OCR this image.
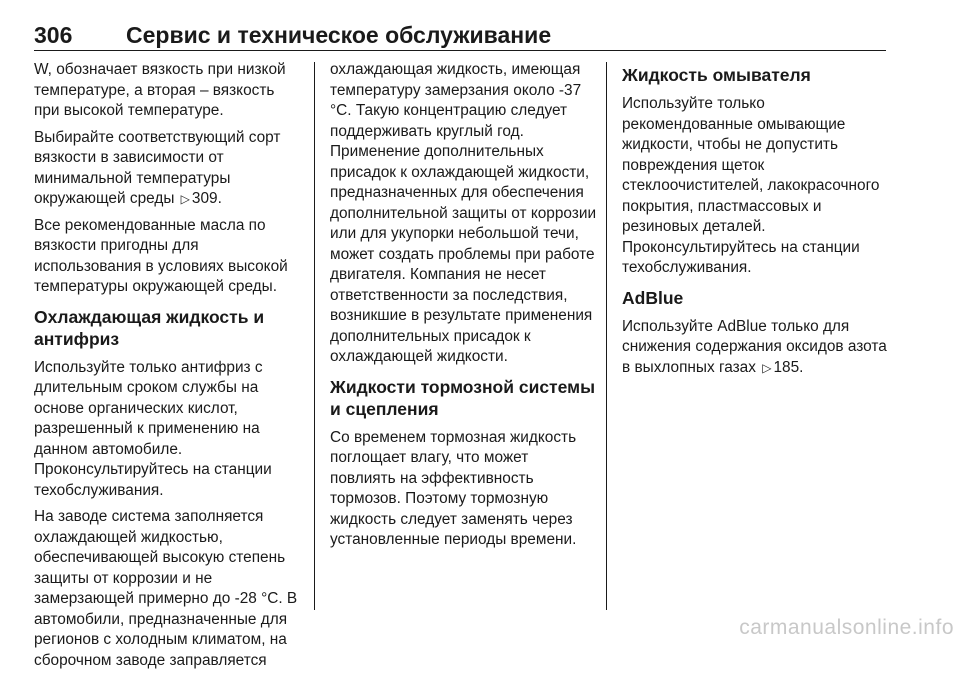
306 Сервис и техническое обслуживание

W, обозначает вязкость при низкой температуре, а вторая – вязкость при высокой температуре.

Выбирайте соответствующий сорт вязкости в зависимости от минимальной температуры окружающей среды ▷ 309.

Все рекомендованные масла по вязкости пригодны для использования в условиях высокой температуры окружающей среды.

Охлаждающая жидкость и антифриз

Используйте только антифриз с длительным сроком службы на основе органических кислот, разрешенный к применению на данном автомобиле. Проконсультируйтесь на станции техобслуживания.

На заводе система заполняется охлаждающей жидкостью, обеспечивающей высокую степень защиты от коррозии и не замерзающей примерно до -28 °С. В автомобили, предназначенные для регионов с холодным климатом, на сборочном заводе заправляется

охлаждающая жидкость, имеющая температуру замерзания около -37 °С. Такую концентрацию следует поддерживать круглый год. Применение дополнительных присадок к охлаждающей жидкости, предназначенных для обеспечения дополнительной защиты от коррозии или для укупорки небольшой течи, может создать проблемы при работе двигателя. Компания не несет ответственности за последствия, возникшие в результате применения дополнительных присадок к охлаждающей жидкости.

Жидкости тормозной системы и сцепления

Со временем тормозная жидкость поглощает влагу, что может повлиять на эффективность тормозов. Поэтому тормозную жидкость следует заменять через установленные периоды времени.

Жидкость омывателя

Используйте только рекомендованные омывающие жидкости, чтобы не допустить повреждения щеток стеклоочистителей, лакокрасочного покрытия, пластмассовых и резиновых деталей. Проконсультируйтесь на станции техобслуживания.

AdBlue

Используйте AdBlue только для снижения содержания оксидов азота в выхлопных газах ▷ 185.

carmanualsonline.info
